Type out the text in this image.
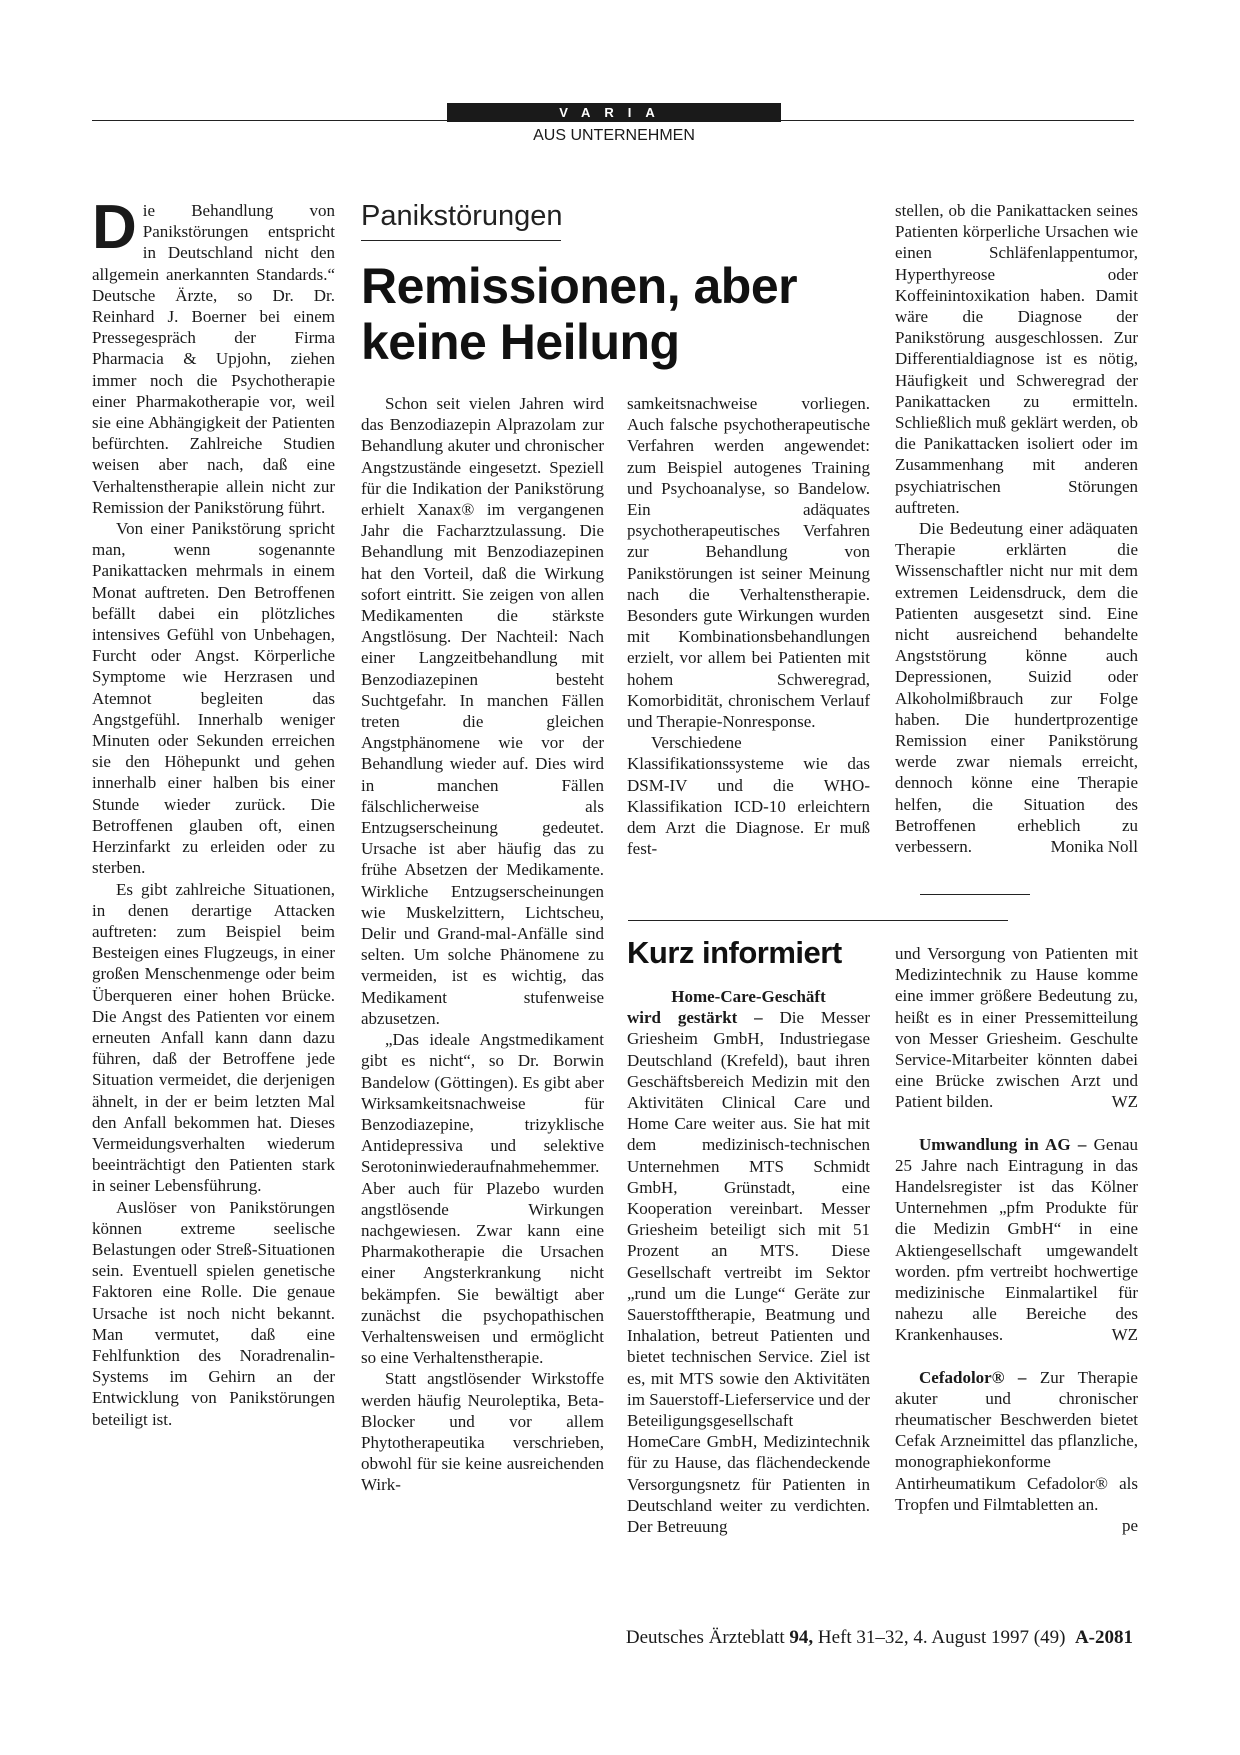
VARIA
AUS UNTERNEHMEN

Die Behandlung von Panikstörungen entspricht in Deutschland nicht den allgemein anerkannten Standards.“ Deutsche Ärzte, so Dr. Dr. Reinhard J. Boerner bei einem Pressegespräch der Firma Pharmacia & Upjohn, ziehen immer noch die Psychotherapie einer Pharmakotherapie vor, weil sie eine Abhängigkeit der Patienten befürchten. Zahlreiche Studien weisen aber nach, daß eine Verhaltenstherapie allein nicht zur Remission der Panikstörung führt.

Von einer Panikstörung spricht man, wenn sogenannte Panikattacken mehrmals in einem Monat auftreten. Den Betroffenen befällt dabei ein plötzliches intensives Gefühl von Unbehagen, Furcht oder Angst. Körperliche Symptome wie Herzrasen und Atemnot begleiten das Angstgefühl. Innerhalb weniger Minuten oder Sekunden erreichen sie den Höhepunkt und gehen innerhalb einer halben bis einer Stunde wieder zurück. Die Betroffenen glauben oft, einen Herzinfarkt zu erleiden oder zu sterben.

Es gibt zahlreiche Situationen, in denen derartige Attacken auftreten: zum Beispiel beim Besteigen eines Flugzeugs, in einer großen Menschenmenge oder beim Überqueren einer hohen Brücke. Die Angst des Patienten vor einem erneuten Anfall kann dann dazu führen, daß der Betroffene jede Situation vermeidet, die derjenigen ähnelt, in der er beim letzten Mal den Anfall bekommen hat. Dieses Vermeidungsverhalten wiederum beeinträchtigt den Patienten stark in seiner Lebensführung.

Auslöser von Panikstörungen können extreme seelische Belastungen oder Streß-Situationen sein. Eventuell spielen genetische Faktoren eine Rolle. Die genaue Ursache ist noch nicht bekannt. Man vermutet, daß eine Fehlfunktion des Noradrenalin-Systems im Gehirn an der Entwicklung von Panikstörungen beteiligt ist.

Panikstörungen
Remissionen, aber keine Heilung

Schon seit vielen Jahren wird das Benzodiazepin Alprazolam zur Behandlung akuter und chronischer Angstzustände eingesetzt. Speziell für die Indikation der Panikstörung erhielt Xanax® im vergangenen Jahr die Facharztzulassung. Die Behandlung mit Benzodiazepinen hat den Vorteil, daß die Wirkung sofort eintritt. Sie zeigen von allen Medikamenten die stärkste Angstlösung. Der Nachteil: Nach einer Langzeitbehandlung mit Benzodiazepinen besteht Suchtgefahr. In manchen Fällen treten die gleichen Angstphänomene wie vor der Behandlung wieder auf. Dies wird in manchen Fällen fälschlicherweise als Entzugserscheinung gedeutet. Ursache ist aber häufig das zu frühe Absetzen der Medikamente. Wirkliche Entzugserscheinungen wie Muskelzittern, Lichtscheu, Delir und Grand-mal-Anfälle sind selten. Um solche Phänomene zu vermeiden, ist es wichtig, das Medikament stufenweise abzusetzen.

„Das ideale Angstmedikament gibt es nicht“, so Dr. Borwin Bandelow (Göttingen). Es gibt aber Wirksamkeitsnachweise für Benzodiazepine, trizyklische Antidepressiva und selektive Serotoninwiederaufnahmehemmer. Aber auch für Plazebo wurden angstlösende Wirkungen nachgewiesen. Zwar kann eine Pharmakotherapie die Ursachen einer Angsterkrankung nicht bekämpfen. Sie bewältigt aber zunächst die psychopathischen Verhaltensweisen und ermöglicht so eine Verhaltenstherapie.

Statt angstlösender Wirkstoffe werden häufig Neuroleptika, Beta-Blocker und vor allem Phytotherapeutika verschrieben, obwohl für sie keine ausreichenden Wirk-

samkeitsnachweise vorliegen. Auch falsche psychotherapeutische Verfahren werden angewendet: zum Beispiel autogenes Training und Psychoanalyse, so Bandelow. Ein adäquates psychotherapeutisches Verfahren zur Behandlung von Panikstörungen ist seiner Meinung nach die Verhaltenstherapie. Besonders gute Wirkungen wurden mit Kombinationsbehandlungen erzielt, vor allem bei Patienten mit hohem Schweregrad, Komorbidität, chronischem Verlauf und Therapie-Nonresponse.

Verschiedene Klassifikationssysteme wie das DSM-IV und die WHO-Klassifikation ICD-10 erleichtern dem Arzt die Diagnose. Er muß fest-

stellen, ob die Panikattacken seines Patienten körperliche Ursachen wie einen Schläfenlappentumor, Hyperthyreose oder Koffeinintoxikation haben. Damit wäre die Diagnose der Panikstörung ausgeschlossen. Zur Differentialdiagnose ist es nötig, Häufigkeit und Schweregrad der Panikattacken zu ermitteln. Schließlich muß geklärt werden, ob die Panikattacken isoliert oder im Zusammenhang mit anderen psychiatrischen Störungen auftreten.

Die Bedeutung einer adäquaten Therapie erklärten die Wissenschaftler nicht nur mit dem extremen Leidensdruck, dem die Patienten ausgesetzt sind. Eine nicht ausreichend behandelte Angststörung könne auch Depressionen, Suizid oder Alkoholmißbrauch zur Folge haben. Die hundertprozentige Remission einer Panikstörung werde zwar niemals erreicht, dennoch könne eine Therapie helfen, die Situation des Betroffenen erheblich zu verbessern.	Monika Noll

Kurz informiert

Home-Care-Geschäft

wird gestärkt – Die Messer Griesheim GmbH, Industriegase Deutschland (Krefeld), baut ihren Geschäftsbereich Medizin mit den Aktivitäten Clinical Care und Home Care weiter aus. Sie hat mit dem medizinisch-technischen Unternehmen MTS Schmidt GmbH, Grünstadt, eine Kooperation vereinbart. Messer Griesheim beteiligt sich mit 51 Prozent an MTS. Diese Gesellschaft vertreibt im Sektor „rund um die Lunge“ Geräte zur Sauerstofftherapie, Beatmung und Inhalation, betreut Patienten und bietet technischen Service. Ziel ist es, mit MTS sowie den Aktivitäten im Sauerstoff-Lieferservice und der Beteiligungsgesellschaft HomeCare GmbH, Medizintechnik für zu Hause, das flächendeckende Versorgungsnetz für Patienten in Deutschland weiter zu verdichten. Der Betreuung

und Versorgung von Patienten mit Medizintechnik zu Hause komme eine immer größere Bedeutung zu, heißt es in einer Pressemitteilung von Messer Griesheim. Geschulte Service-Mitarbeiter könnten dabei eine Brücke zwischen Arzt und Patient bilden.	WZ

Umwandlung in AG – Genau 25 Jahre nach Eintragung in das Handelsregister ist das Kölner Unternehmen „pfm Produkte für die Medizin GmbH“ in eine Aktiengesellschaft umgewandelt worden. pfm vertreibt hochwertige medizinische Einmalartikel für nahezu alle Bereiche des Krankenhauses.	WZ

Cefadolor® – Zur Therapie akuter und chronischer rheumatischer Beschwerden bietet Cefak Arzneimittel das pflanzliche, monographiekonforme Antirheumatikum Cefadolor® als Tropfen und Filmtabletten an.
pe

Deutsches Ärzteblatt 94, Heft 31–32, 4. August 1997 (49) A-2081
